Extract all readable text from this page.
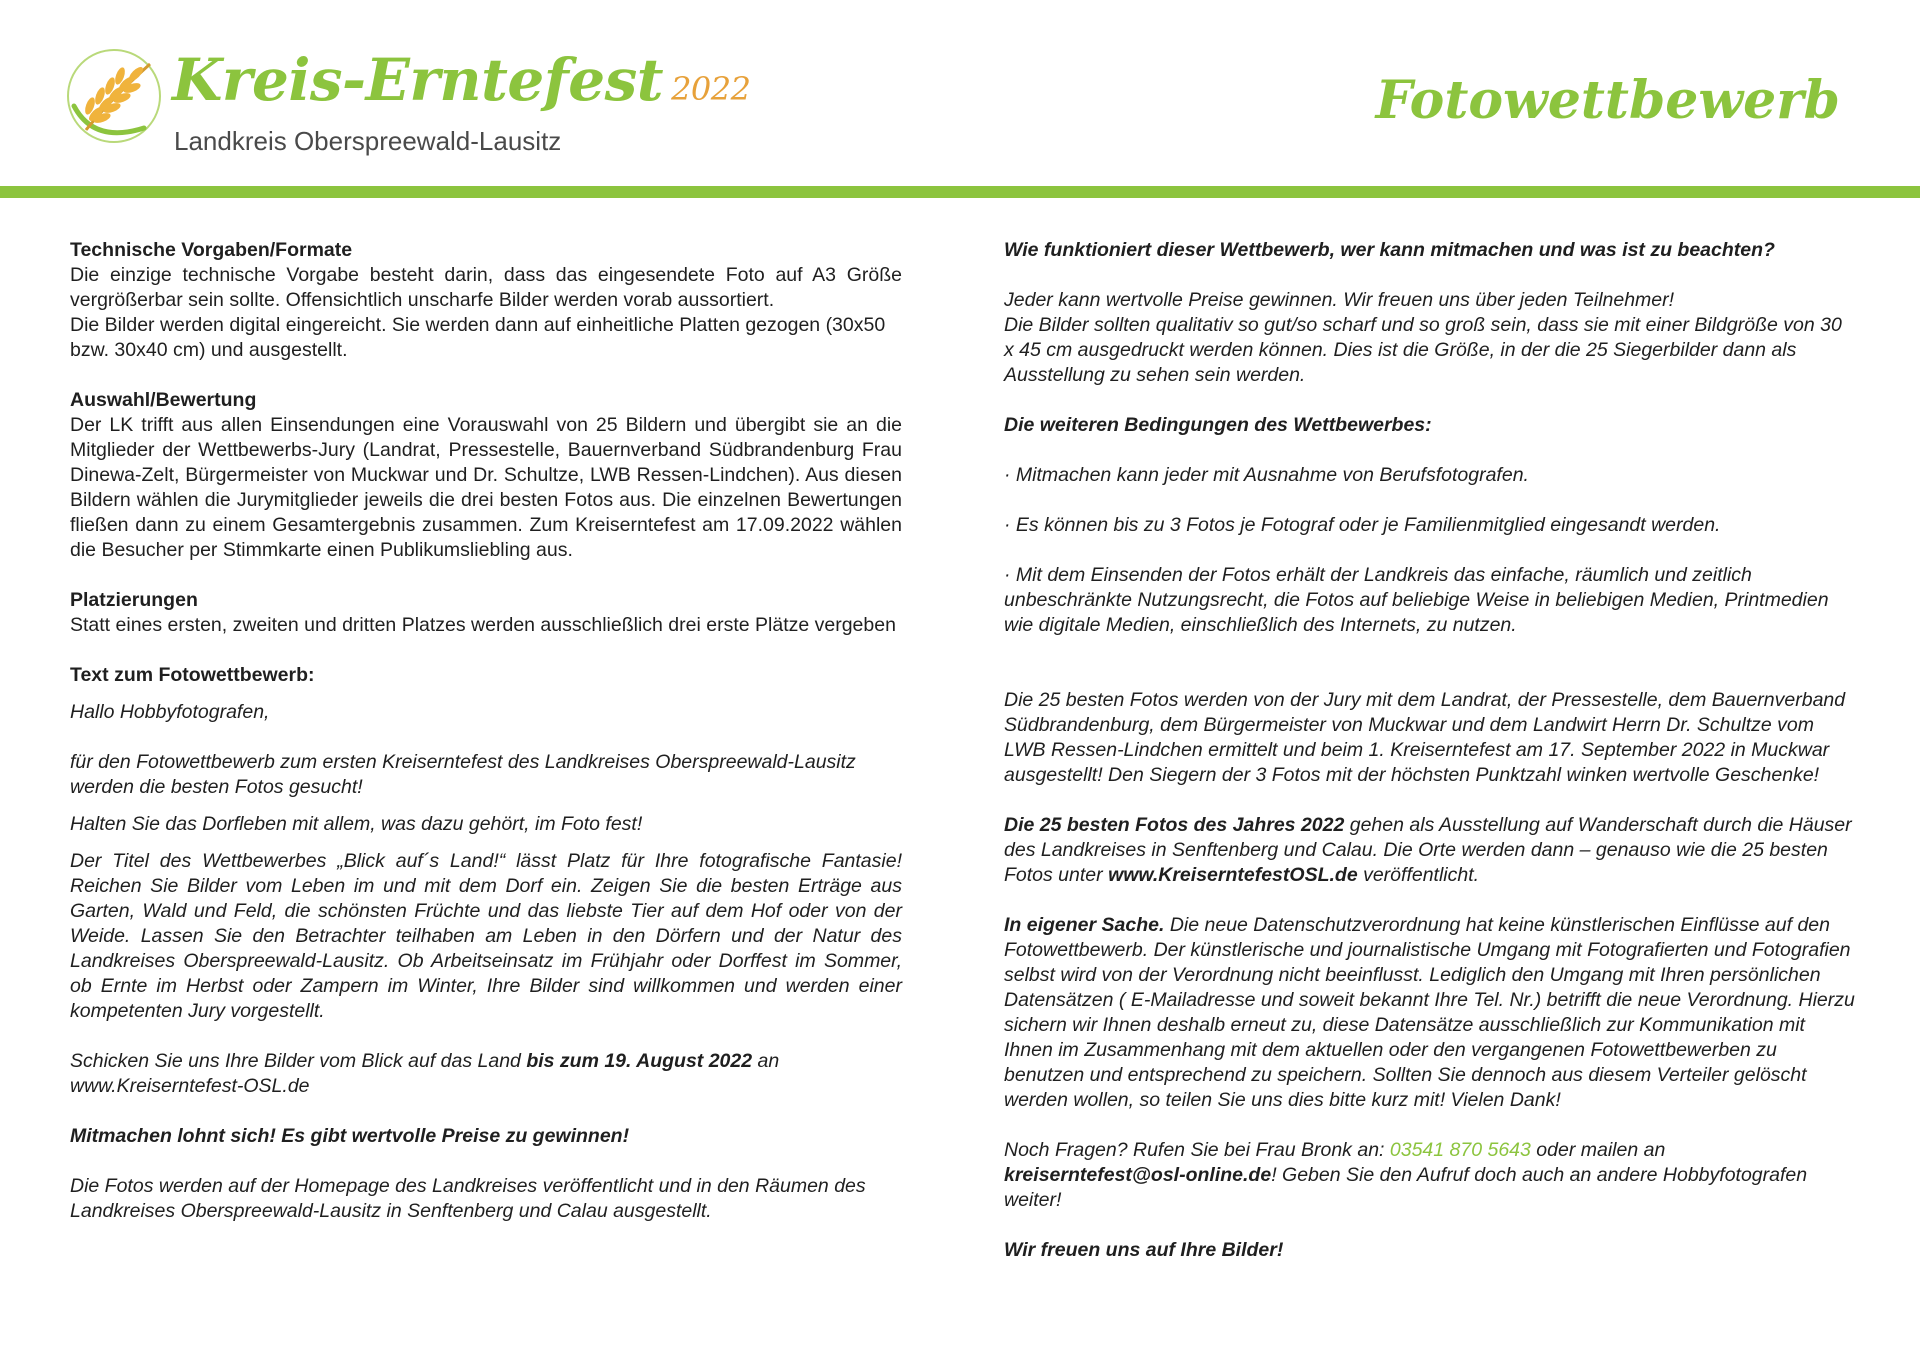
Kreis-Erntefest 2022
Landkreis Oberspreewald-Lausitz
Fotowettbewerb

Technische Vorgaben/Formate

Die einzige technische Vorgabe besteht darin, dass das eingesendete Foto auf A3 Größe vergrößerbar sein sollte. Offensichtlich unscharfe Bilder werden vorab aussortiert.

Die Bilder werden digital eingereicht. Sie werden dann auf einheitliche Platten gezogen (30x50 bzw. 30x40 cm) und ausgestellt.

Auswahl/Bewertung

Der LK trifft aus allen Einsendungen eine Vorauswahl von 25 Bildern und übergibt sie an die Mitglieder der Wettbewerbs-Jury (Landrat, Pressestelle, Bauernverband Südbrandenburg Frau Dinewa-Zelt, Bürgermeister von Muckwar und Dr. Schultze, LWB Ressen-Lindchen). Aus diesen Bildern wählen die Jurymitglieder jeweils die drei besten Fotos aus. Die einzelnen Bewertungen fließen dann zu einem Gesamtergebnis zusammen. Zum Kreiserntefest am 17.09.2022 wählen die Besucher per Stimmkarte einen Publikumsliebling aus.

Platzierungen

Statt eines ersten, zweiten und dritten Platzes werden ausschließlich drei erste Plätze vergeben

Text zum Fotowettbewerb:

Hallo Hobbyfotografen,

für den Fotowettbewerb zum ersten Kreiserntefest des Landkreises Oberspreewald-Lausitz werden die besten Fotos gesucht!

Halten Sie das Dorfleben mit allem, was dazu gehört, im Foto fest!

Der Titel des Wettbewerbes „Blick auf´s Land!“ lässt Platz für Ihre fotografische Fantasie! Reichen Sie Bilder vom Leben im und mit dem Dorf ein. Zeigen Sie die besten Erträge aus Garten, Wald und Feld, die schönsten Früchte und das liebste Tier auf dem Hof oder von der Weide. Lassen Sie den Betrachter teilhaben am Leben in den Dörfern und der Natur des Landkreises Oberspreewald-Lausitz. Ob Arbeitseinsatz im Frühjahr oder Dorffest im Sommer, ob Ernte im Herbst oder Zampern im Winter, Ihre Bilder sind willkommen und werden einer kompetenten Jury vorgestellt.

Schicken Sie uns Ihre Bilder vom Blick auf das Land bis zum 19. August 2022 an
www.Kreiserntefest-OSL.de

Mitmachen lohnt sich! Es gibt wertvolle Preise zu gewinnen!

Die Fotos werden auf der Homepage des Landkreises veröffentlicht und in den Räumen des Landkreises Oberspreewald-Lausitz in Senftenberg und Calau ausgestellt.

Wie funktioniert dieser Wettbewerb, wer kann mitmachen und was ist zu beachten?

Jeder kann wertvolle Preise gewinnen. Wir freuen uns über jeden Teilnehmer!

Die Bilder sollten qualitativ so gut/so scharf und so groß sein, dass sie mit einer Bildgröße von 30 x 45 cm ausgedruckt werden können. Dies ist die Größe, in der die 25 Siegerbilder dann als Ausstellung zu sehen sein werden.

Die weiteren Bedingungen des Wettbewerbes:

· Mitmachen kann jeder mit Ausnahme von Berufsfotografen.

· Es können bis zu 3 Fotos je Fotograf oder je Familienmitglied eingesandt werden.

· Mit dem Einsenden der Fotos erhält der Landkreis das einfache, räumlich und zeitlich unbeschränkte Nutzungsrecht, die Fotos auf beliebige Weise in beliebigen Medien, Printmedien wie digitale Medien, einschließlich des Internets, zu nutzen.

Die 25 besten Fotos werden von der Jury mit dem Landrat, der Pressestelle, dem Bauernverband Südbrandenburg, dem Bürgermeister von Muckwar und dem Landwirt Herrn Dr. Schultze vom LWB Ressen-Lindchen ermittelt und beim 1. Kreiserntefest am 17. September 2022 in Muckwar ausgestellt! Den Siegern der 3 Fotos mit der höchsten Punktzahl winken wertvolle Geschenke!

Die 25 besten Fotos des Jahres 2022 gehen als Ausstellung auf Wanderschaft durch die Häuser des Landkreises in Senftenberg und Calau. Die Orte werden dann – genauso wie die 25 besten Fotos unter www.KreiserntefestOSL.de veröffentlicht.

In eigener Sache. Die neue Datenschutzverordnung hat keine künstlerischen Einflüsse auf den Fotowettbewerb. Der künstlerische und journalistische Umgang mit Fotografierten und Fotografien selbst wird von der Verordnung nicht beeinflusst. Lediglich den Umgang mit Ihren persönlichen Datensätzen ( E-Mailadresse und soweit bekannt Ihre Tel. Nr.) betrifft die neue Verordnung. Hierzu sichern wir Ihnen deshalb erneut zu, diese Datensätze ausschließlich zur Kommunikation mit Ihnen im Zusammenhang mit dem aktuellen oder den vergangenen Fotowettbewerben zu benutzen und entsprechend zu speichern. Sollten Sie dennoch aus diesem Verteiler gelöscht werden wollen, so teilen Sie uns dies bitte kurz mit! Vielen Dank!

Noch Fragen? Rufen Sie bei Frau Bronk an: 03541 870 5643 oder mailen an
kreiserntefest@osl-online.de! Geben Sie den Aufruf doch auch an andere Hobbyfotografen weiter!

Wir freuen uns auf Ihre Bilder!
